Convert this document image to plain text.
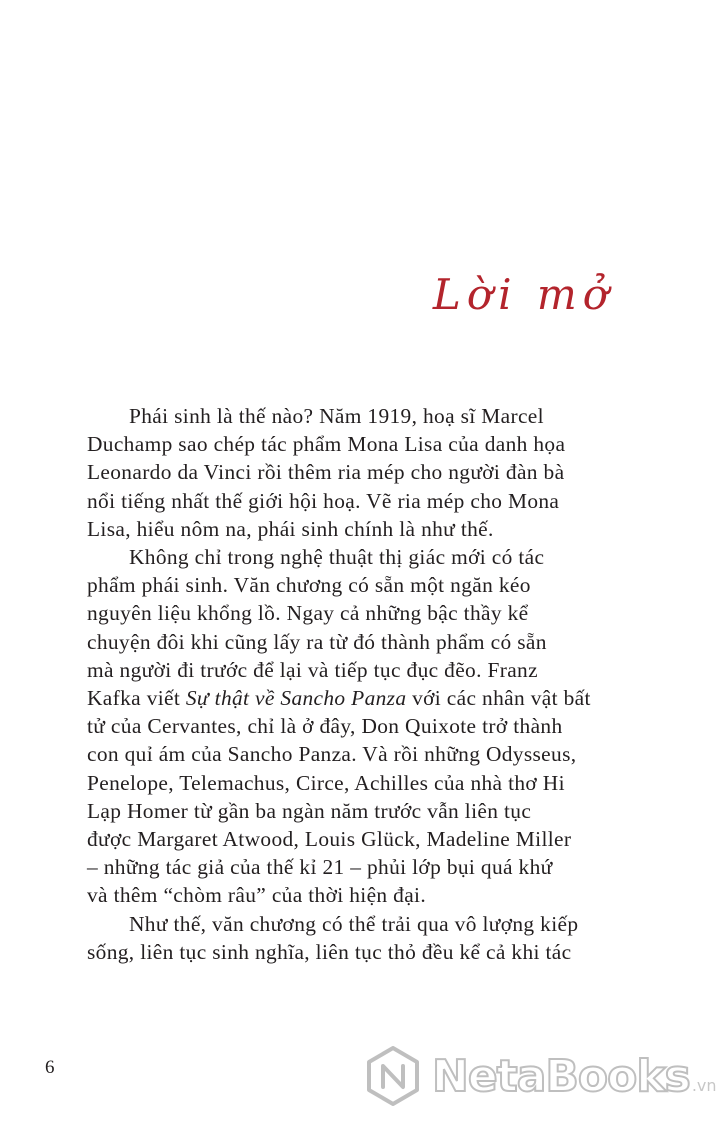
Lời mở
Phái sinh là thế nào? Năm 1919, hoạ sĩ Marcel
Duchamp sao chép tác phẩm Mona Lisa của danh họa
Leonardo da Vinci rồi thêm ria mép cho người đàn bà
nổi tiếng nhất thế giới hội hoạ. Vẽ ria mép cho Mona
Lisa, hiểu nôm na, phái sinh chính là như thế.
Không chỉ trong nghệ thuật thị giác mới có tác
phẩm phái sinh. Văn chương có sẵn một ngăn kéo
nguyên liệu khổng lồ. Ngay cả những bậc thầy kể
chuyện đôi khi cũng lấy ra từ đó thành phẩm có sẵn
mà người đi trước để lại và tiếp tục đục đẽo. Franz
Kafka viết Sự thật về Sancho Panza với các nhân vật bất
tử của Cervantes, chỉ là ở đây, Don Quixote trở thành
con quỉ ám của Sancho Panza. Và rồi những Odysseus,
Penelope, Telemachus, Circe, Achilles của nhà thơ Hi
Lạp Homer từ gần ba ngàn năm trước vẫn liên tục
được Margaret Atwood, Louis Glück, Madeline Miller
– những tác giả của thế kỉ 21 – phủi lớp bụi quá khứ
và thêm “chòm râu” của thời hiện đại.
Như thế, văn chương có thể trải qua vô lượng kiếp
sống, liên tục sinh nghĩa, liên tục thỏ đều kể cả khi tác
6	NetaBooks .vn
